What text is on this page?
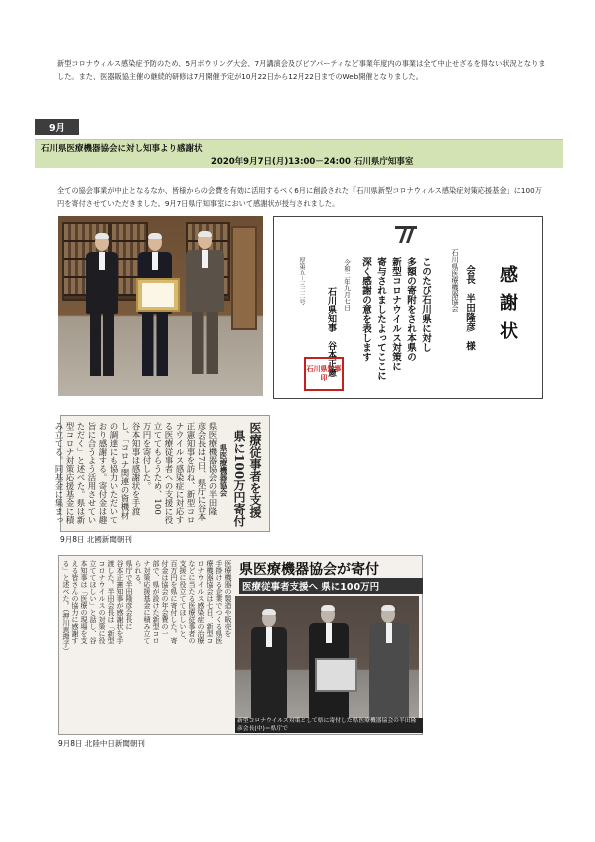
新型コロナウィルス感染症予防のため、5月ボウリング大会、7月講演会及びビアパーティなど事業年度内の事業は全て中止せざるを得ない状況となりました。また、医器販協主催の継続的研修は7月開催予定が10月22日から12月22日までのWeb開催となりました。
9月
石川県医療機器協会に対し知事より感謝状
2020年9月7日(月)13:00－24:00 石川県庁知事室
全ての協会事業が中止となるなか、皆様からの会費を有効に活用するべく6月に創設された「石川県新型コロナウィルス感染症対策応援基金」に100万円を寄付させていただきました。9月7日県庁知事室において感謝状が授与されました。
感謝状
石川県医療機器協会 会長　半田隆彦　様
このたび石川県に対し
多額の寄附をされ本県の
新型コロナウイルス対策に
寄与されましたよってここに
深く感謝の意を表します
令和二年九月七日
石川県知事　谷本正憲
厚第五－三二二号
石川県知事印
医療従事者を支援
県に100万円寄付
県医療機器協会
県医療機器協会の半田隆
彦会長は7日、県庁に谷本
正憲知事を訪ね、新型コロ
ナウイルス感染症に対応す
る医療従事者への支援に役
立ててもらうため、100
万円を寄付した。
谷本知事は感謝状を手渡
し、「コロナ関連の資機材
の調達にも協力いただいて
おり感謝する。寄付金は趣
旨に合うよう活用させてい
ただく」と述べた。県は新
型コロナ対策応援基金に積
み立てる。同基金に集まっ
9月8日 北國新聞朝刊
医療機器の製造や販売を
手掛ける企業でつくる県医
療機器協会は七日、新型コ
ロナウイルス感染症の治療
などに当たる医療従事者の
支援に役立ててほしいと、
百万円を県に寄付した。寄
付金は協会の年会費の一
部で、県が設けた新型コロ
ナ対策応援基金に積み立て
られる。
県庁で半田隆彦会長に
谷本正憲知事が感謝状を手
渡した。半田会長は「新型
コロナウイルスの対策に役
立ててほしい」と話し、谷
本知事は「医療の現場を支
える皆さんの協力に感謝す
る」と述べた。（押川恵理子）	県医療機器協会が寄付
医療従事者支援へ 県に100万円
新型コロナウイルス対策として県に寄付した県医療機器協会の半田隆彦会長(中)＝県庁で
9月8日 北陸中日新聞朝刊
